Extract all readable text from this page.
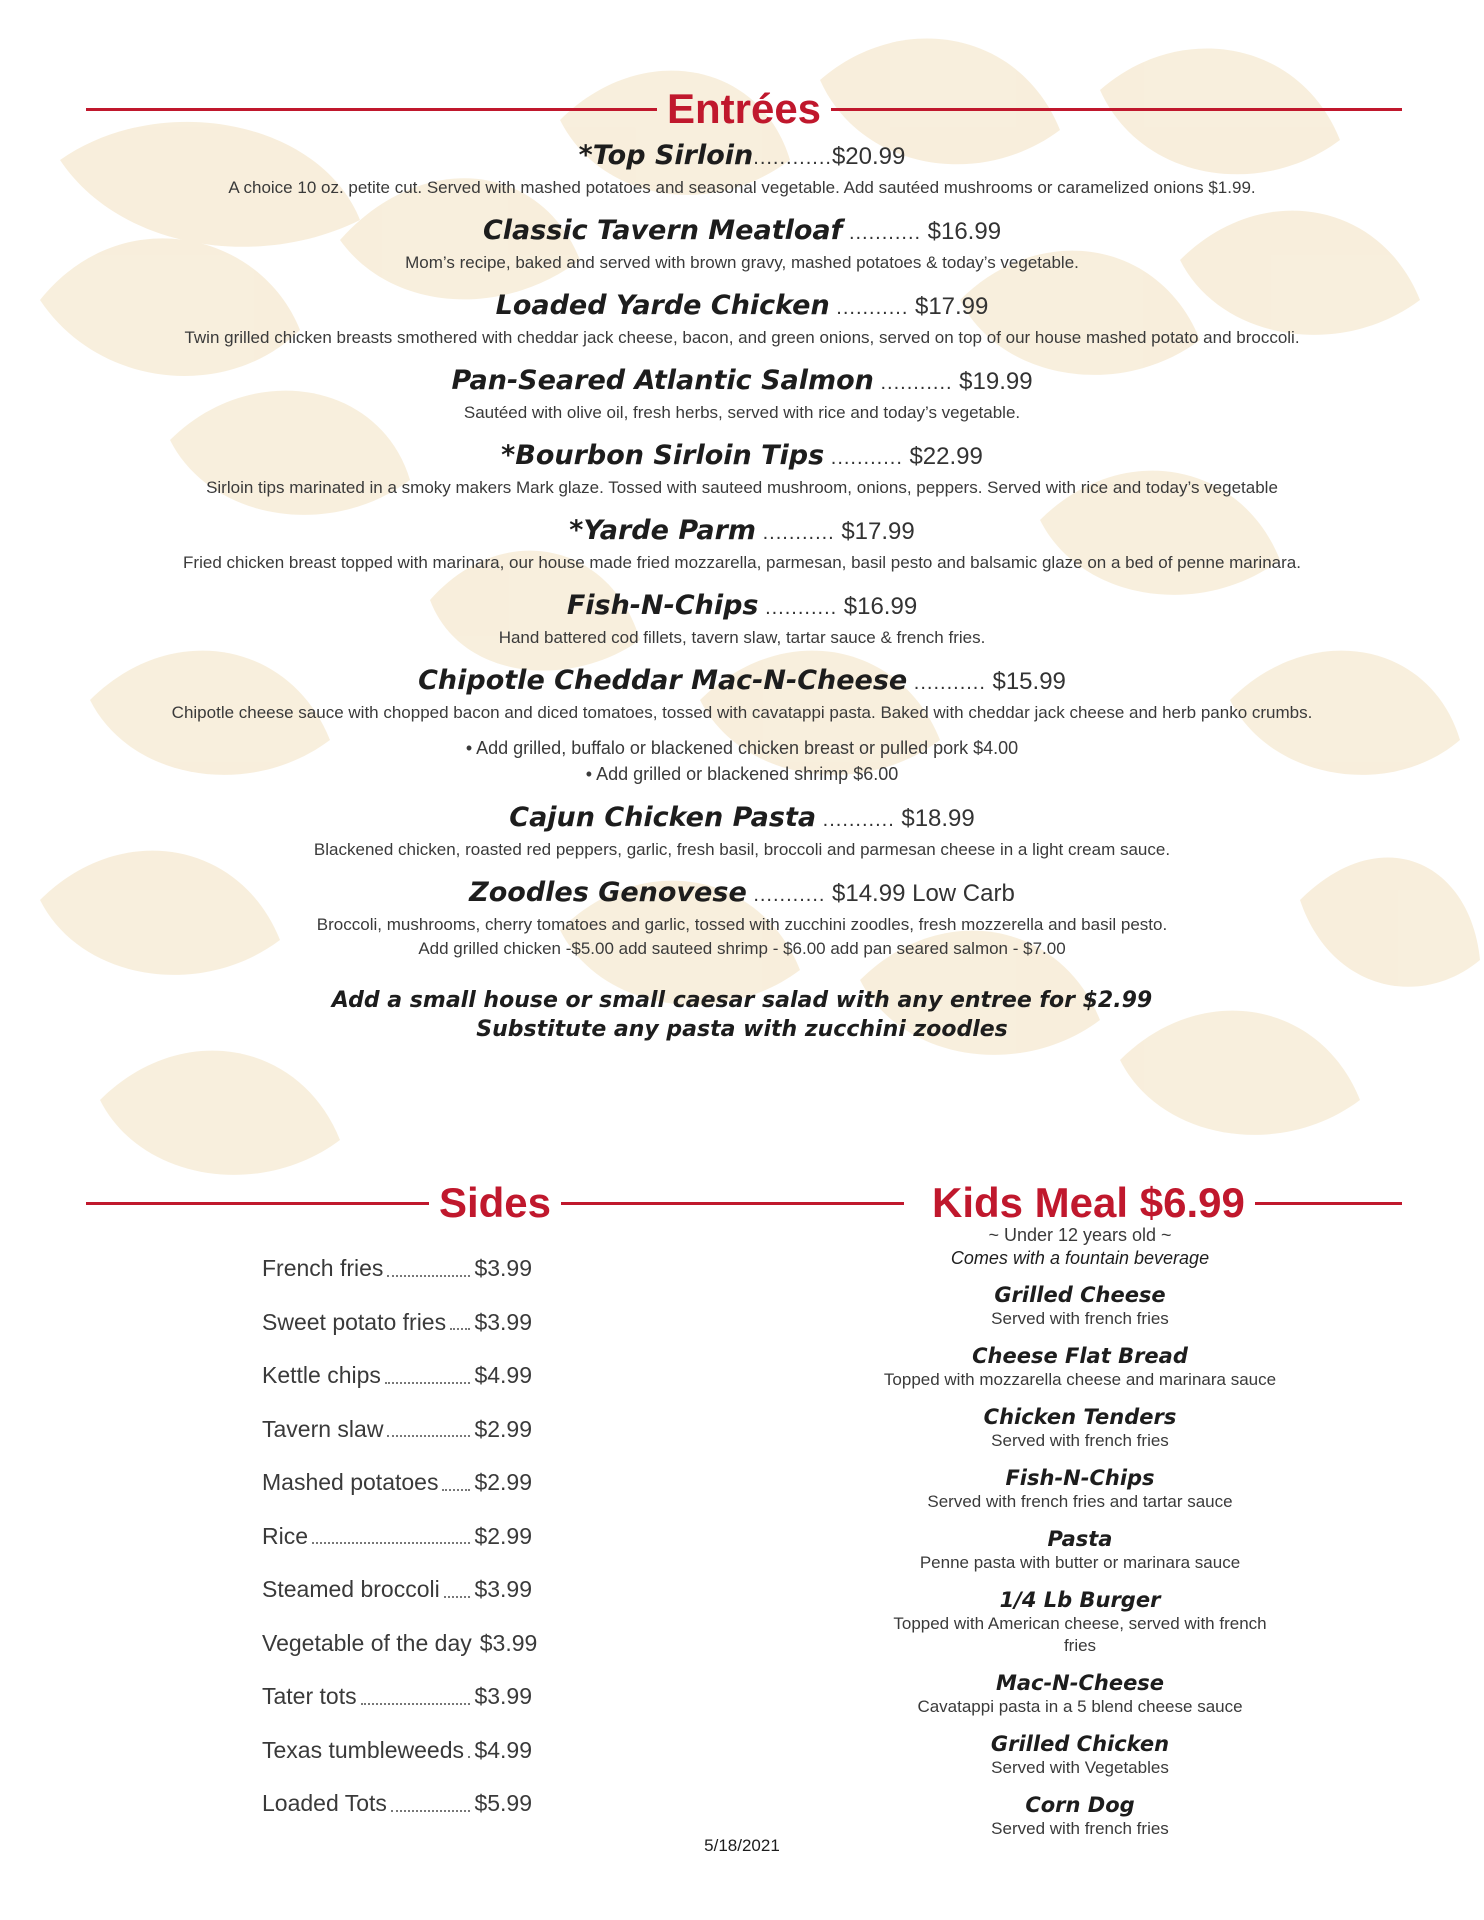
Entrées
*Top Sirloin............$20.99
A choice 10 oz. petite cut. Served with mashed potatoes and seasonal vegetable. Add sautéed mushrooms or caramelized onions $1.99.
Classic Tavern Meatloaf ........... $16.99
Mom’s recipe, baked and served with brown gravy, mashed potatoes & today’s vegetable.
Loaded Yarde Chicken ........... $17.99
Twin grilled chicken breasts smothered with cheddar jack cheese, bacon, and green onions, served on top of our house mashed potato and broccoli.
Pan-Seared Atlantic Salmon ........... $19.99
Sautéed with olive oil, fresh herbs, served with rice and today’s vegetable.
*Bourbon Sirloin Tips ........... $22.99
Sirloin tips marinated in a smoky makers Mark glaze. Tossed with sauteed mushroom, onions, peppers. Served with rice and today’s vegetable
*Yarde Parm ........... $17.99
Fried chicken breast topped with marinara, our house made fried mozzarella, parmesan, basil pesto and balsamic glaze on a bed of penne marinara.
Fish-N-Chips ........... $16.99
Hand battered cod fillets, tavern slaw, tartar sauce & french fries.
Chipotle Cheddar Mac-N-Cheese ........... $15.99
Chipotle cheese sauce with chopped bacon and diced tomatoes, tossed with cavatappi pasta. Baked with cheddar jack cheese and herb panko crumbs.
• Add grilled, buffalo or blackened chicken breast or pulled pork $4.00
• Add grilled or blackened shrimp $6.00
Cajun Chicken Pasta ........... $18.99
Blackened chicken, roasted red peppers, garlic, fresh basil, broccoli and parmesan cheese in a light cream sauce.
Zoodles Genovese ........... $14.99 Low Carb
Broccoli, mushrooms, cherry tomatoes and garlic, tossed with zucchini zoodles, fresh mozzerella and basil pesto.
Add grilled chicken -$5.00 add sauteed shrimp - $6.00 add pan seared salmon - $7.00
Add a small house or small caesar salad with any entree for $2.99
Substitute any pasta with zucchini zoodles
Sides	Kids Meal $6.99
French fries	$3.99
Sweet potato fries $3.99
Kettle chips	$4.99
Tavern slaw	$2.99
Mashed potatoes $2.99
Rice	$2.99
Steamed broccoli $3.99
Vegetable of the day $3.99
Tater tots	$3.99
Texas tumbleweeds $4.99
Loaded Tots	$5.99
~ Under 12 years old ~
Comes with a fountain beverage
Grilled Cheese
Served with french fries
Cheese Flat Bread
Topped with mozzarella cheese and marinara sauce
Chicken Tenders
Served with french fries
Fish-N-Chips
Served with french fries and tartar sauce
Pasta
Penne pasta with butter or marinara sauce
1/4 Lb Burger
Topped with American cheese, served with french fries
Mac-N-Cheese
Cavatappi pasta in a 5 blend cheese sauce
Grilled Chicken
Served with Vegetables
Corn Dog
Served with french fries
5/18/2021
